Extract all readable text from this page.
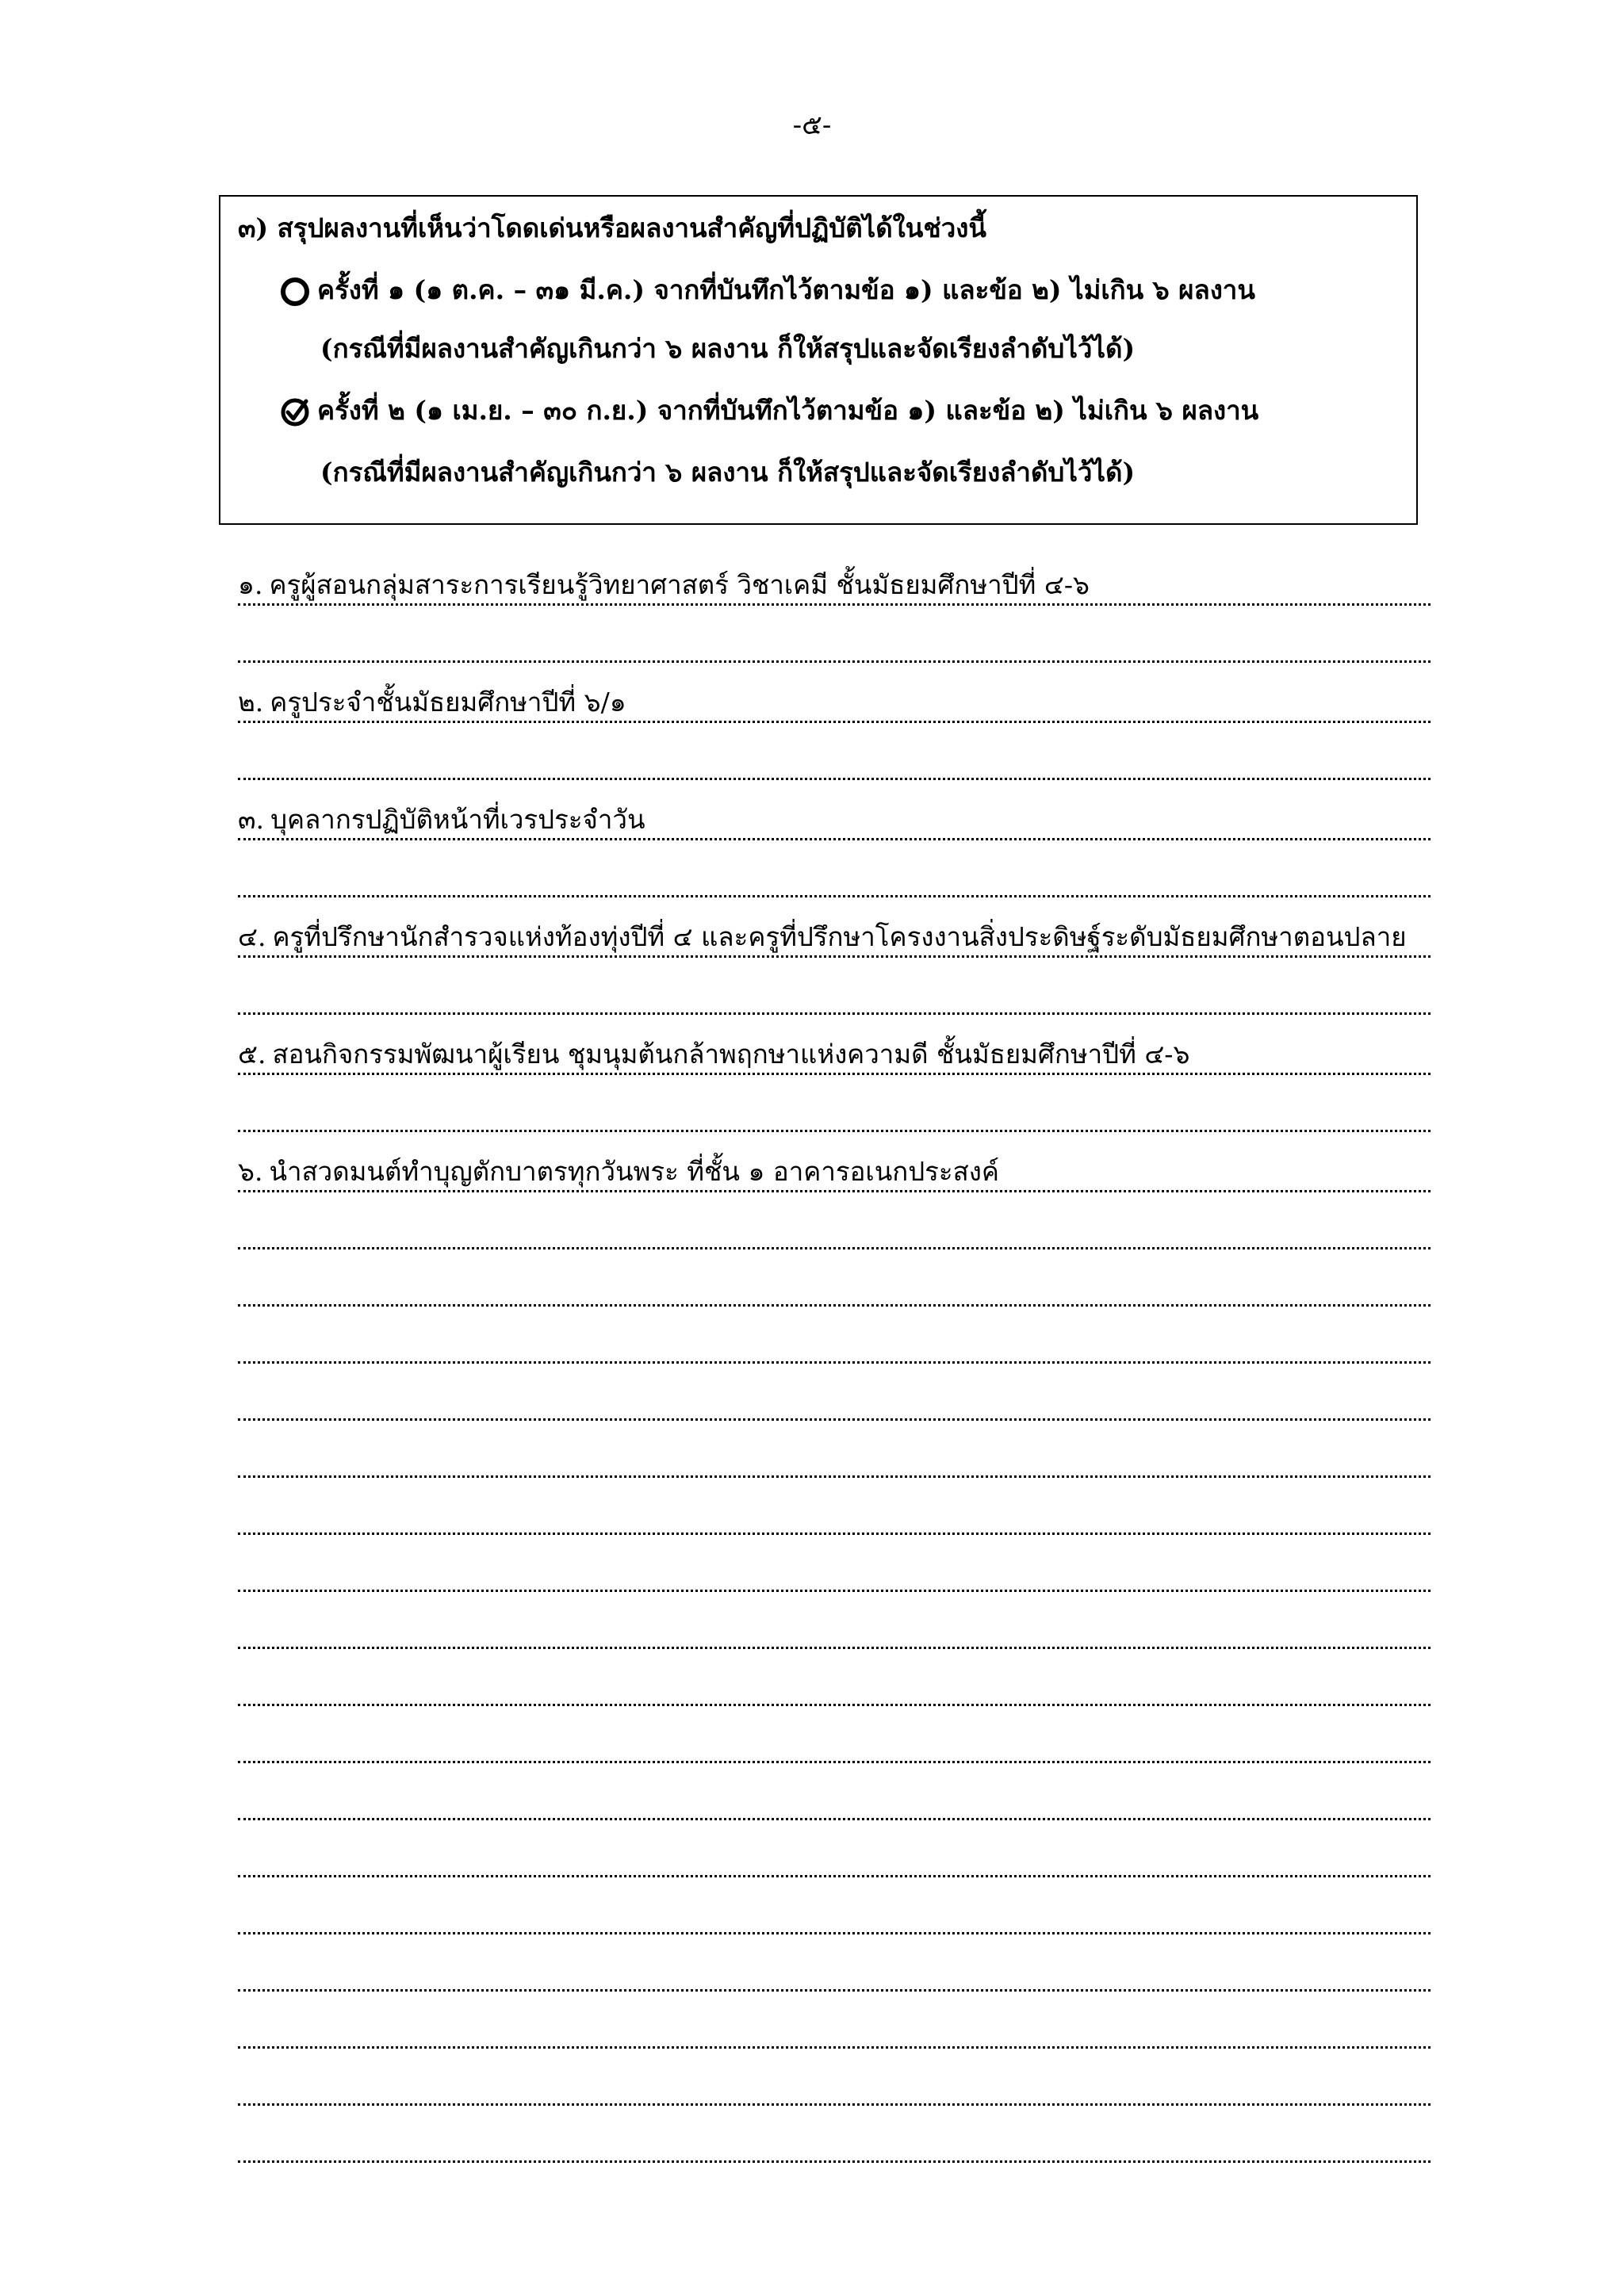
-๕-
๓) สรุปผลงานที่เห็นว่าโดดเด่นหรือผลงานสำคัญที่ปฏิบัติได้ในช่วงนี้
ครั้งที่ ๑ (๑ ต.ค. – ๓๑ มี.ค.) จากที่บันทึกไว้ตามข้อ ๑) และข้อ ๒) ไม่เกิน ๖ ผลงาน
(กรณีที่มีผลงานสำคัญเกินกว่า ๖ ผลงาน ก็ให้สรุปและจัดเรียงลำดับไว้ได้)
ครั้งที่ ๒ (๑ เม.ย. – ๓๐ ก.ย.) จากที่บันทึกไว้ตามข้อ ๑) และข้อ ๒) ไม่เกิน ๖ ผลงาน
(กรณีที่มีผลงานสำคัญเกินกว่า ๖ ผลงาน ก็ให้สรุปและจัดเรียงลำดับไว้ได้)
๑. ครูผู้สอนกลุ่มสาระการเรียนรู้วิทยาศาสตร์ วิชาเคมี ชั้นมัธยมศึกษาปีที่ ๔-๖
๒. ครูประจำชั้นมัธยมศึกษาปีที่ ๖/๑
๓. บุคลากรปฏิบัติหน้าที่เวรประจำวัน
๔. ครูที่ปรึกษานักสำรวจแห่งท้องทุ่งปีที่ ๔ และครูที่ปรึกษาโครงงานสิ่งประดิษฐ์ระดับมัธยมศึกษาตอนปลาย
๕. สอนกิจกรรมพัฒนาผู้เรียน ชุมนุมต้นกล้าพฤกษาแห่งความดี ชั้นมัธยมศึกษาปีที่ ๔-๖
๖. นำสวดมนต์ทำบุญตักบาตรทุกวันพระ ที่ชั้น ๑ อาคารอเนกประสงค์
